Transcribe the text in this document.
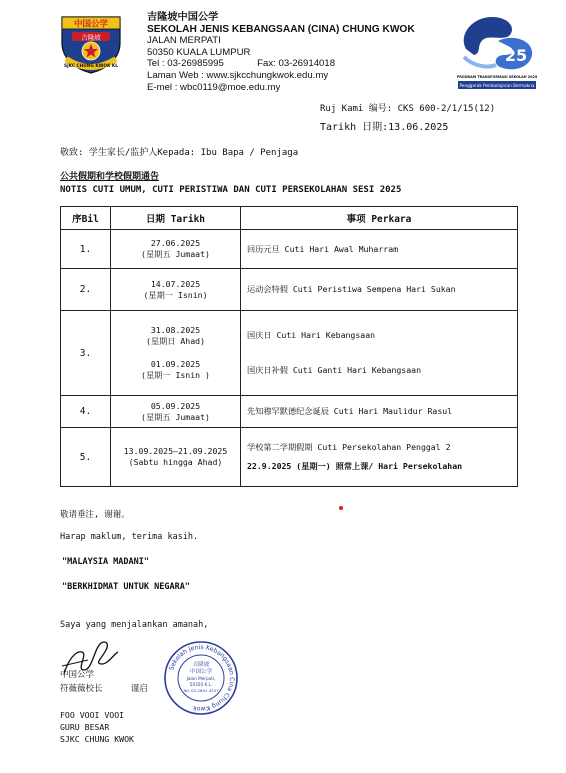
中国公学
吉隆坡
SJKC CHUNG KWOK KL
吉隆坡中国公学
SEKOLAH JENIS KEBANGSAAN (CINA) CHUNG KWOK
JALAN MERPATI
50350 KUALA LUMPUR
Tel : 03-26985995	Fax: 03-26914018
Laman Web : www.sjkcchungkwok.edu.my
E-mel : wbc0119@moe.edu.my
25
PROGRAM TRANSFORMASI SEKOLAH 2025
Penggerak Pembelajaran Bermakna
Ruj Kami 编号: CKS 600-2/1/15(12)
Tarikh 日期:13.06.2025
敬致: 学生家长/监护人Kepada: Ibu Bapa / Penjaga
公共假期和学校假期通告
NOTIS CUTI UMUM, CUTI PERISTIWA DAN CUTI PERSEKOLAHAN SESI 2025
序Bil	日期 Tarikh	事项 Perkara
1.	27.06.2025
(星期五 Jumaat)	回历元旦 Cuti Hari Awal Muharram

2.	14.07.2025
(星期一 Isnin)	运动会特假 Cuti Peristiwa Sempena Hari Sukan

3.	31.08.2025
(星期日 Ahad)
01.09.2025
(星期一 Isnin )	国庆日 Cuti Hari Kebangsaan
国庆日补假 Cuti Ganti Hari Kebangsaan

4.	05.09.2025
(星期五 Jumaat)	先知穆罕默德纪念诞辰 Cuti Hari Maulidur Rasul

5.	13.09.2025–21.09.2025
(Sabtu hingga Ahad)	学校第二学期假期 Cuti Persekolahan Penggal 2
22.9.2025 (星期一) 照常上课/ Hari Persekolahan
敬请垂注, 谢谢。
Harap maklum, terima kasih.
"MALAYSIA MADANI"
"BERKHIDMAT UNTUK NEGARA"
Saya yang menjalankan amanah,
中国公学
符薇薇校长	谨启
FOO VOOI VOOI
GURU BESAR
SJKC CHUNG KWOK
Sekolah Jenis Kebangsaan Cina Chung Kwok
吉隆坡
中国公学
Jalan Merpati,
50350 K.L.
Tel: 03-2691 4557
